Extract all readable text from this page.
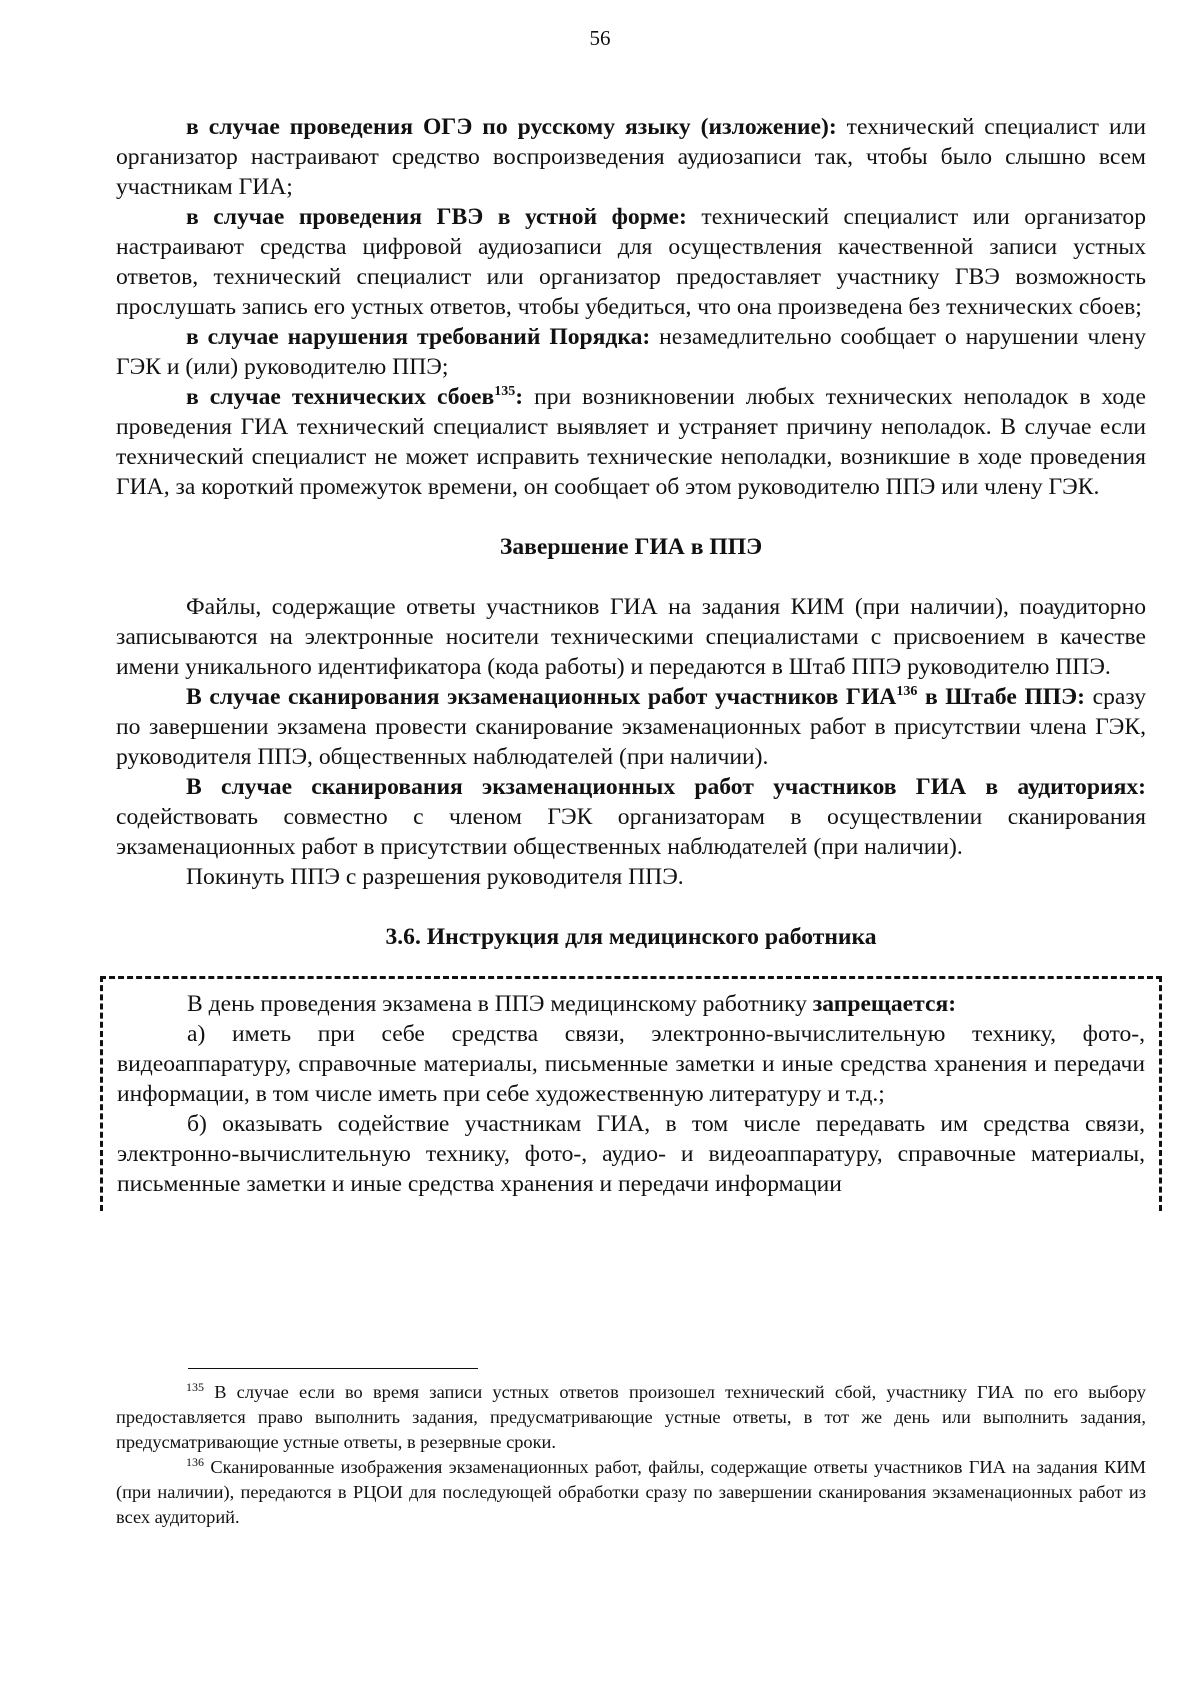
56

в случае проведения ОГЭ по русскому языку (изложение): технический специалист или организатор настраивают средство воспроизведения аудиозаписи так, чтобы было слышно всем участникам ГИА;

в случае проведения ГВЭ в устной форме: технический специалист или организатор настраивают средства цифровой аудиозаписи для осуществления качественной записи устных ответов, технический специалист или организатор предоставляет участнику ГВЭ возможность прослушать запись его устных ответов, чтобы убедиться, что она произведена без технических сбоев;

в случае нарушения требований Порядка: незамедлительно сообщает о нарушении члену ГЭК и (или) руководителю ППЭ;

в случае технических сбоев$^{135}$: при возникновении любых технических неполадок в ходе проведения ГИА технический специалист выявляет и устраняет причину неполадок. В случае если технический специалист не может исправить технические неполадки, возникшие в ходе проведения ГИА, за короткий промежуток времени, он сообщает об этом руководителю ППЭ или члену ГЭК.

Завершение ГИА в ППЭ

Файлы, содержащие ответы участников ГИА на задания КИМ (при наличии), поаудиторно записываются на электронные носители техническими специалистами с присвоением в качестве имени уникального идентификатора (кода работы) и передаются в Штаб ППЭ руководителю ППЭ.

В случае сканирования экзаменационных работ участников ГИА$^{136}$ в Штабе ППЭ: сразу по завершении экзамена провести сканирование экзаменационных работ в присутствии члена ГЭК, руководителя ППЭ, общественных наблюдателей (при наличии).

В случае сканирования экзаменационных работ участников ГИА в аудиториях: содействовать совместно с членом ГЭК организаторам в осуществлении сканирования экзаменационных работ в присутствии общественных наблюдателей (при наличии).

Покинуть ППЭ с разрешения руководителя ППЭ.

3.6. Инструкция для медицинского работника

В день проведения экзамена в ППЭ медицинскому работнику запрещается:

а) иметь при себе средства связи, электронно-вычислительную технику, фото-, видеоаппаратуру, справочные материалы, письменные заметки и иные средства хранения и передачи информации, в том числе иметь при себе художественную литературу и т.д.;

б) оказывать содействие участникам ГИА, в том числе передавать им средства связи, электронно-вычислительную технику, фото-, аудио- и видеоаппаратуру, справочные материалы, письменные заметки и иные средства хранения и передачи информации

$^{135}$ В случае если во время записи устных ответов произошел технический сбой, участнику ГИА по его выбору предоставляется право выполнить задания, предусматривающие устные ответы, в тот же день или выполнить задания, предусматривающие устные ответы, в резервные сроки.

$^{136}$ Сканированные изображения экзаменационных работ, файлы, содержащие ответы участников ГИА на задания КИМ (при наличии), передаются в РЦОИ для последующей обработки сразу по завершении сканирования экзаменационных работ из всех аудиторий.
